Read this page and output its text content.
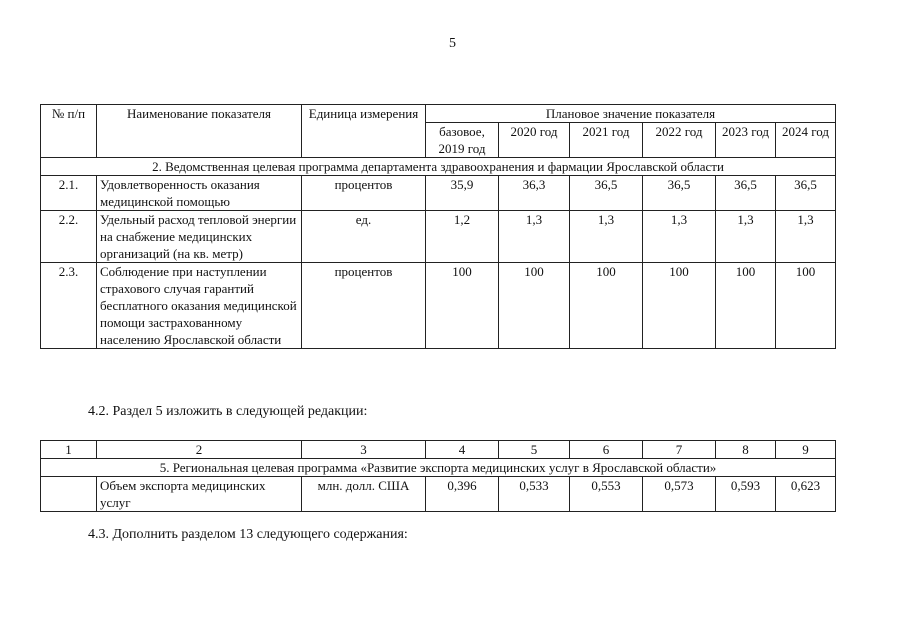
5
№ п/п	Наименование показателя	Единица измерения	Плановое значение показателя					
			базовое, 2019 год	2020 год	2021 год	2022 год	2023 год	2024 год
2. Ведомственная целевая программа департамента здравоохранения и фармации Ярославской области								
2.1.	Удовлетворенность оказания медицинской помощью	процентов	35,9	36,3	36,5	36,5	36,5	36,5
2.2.	Удельный расход тепловой энергии на снабжение медицинских организаций (на кв. метр)	ед.	1,2	1,3	1,3	1,3	1,3	1,3
2.3.	Соблюдение при наступлении страхового случая гарантий бесплатного оказания медицинской помощи застрахованному населению Ярославской области	процентов	100	100	100	100	100	100
4.2. Раздел 5 изложить в следующей редакции:
1	2	3	4	5	6	7	8	9
5. Региональная целевая программа «Развитие экспорта медицинских услуг в Ярославской области»								
	Объем экспорта медицинских услуг	млн. долл. США	0,396	0,533	0,553	0,573	0,593	0,623
4.3. Дополнить разделом 13 следующего содержания:
